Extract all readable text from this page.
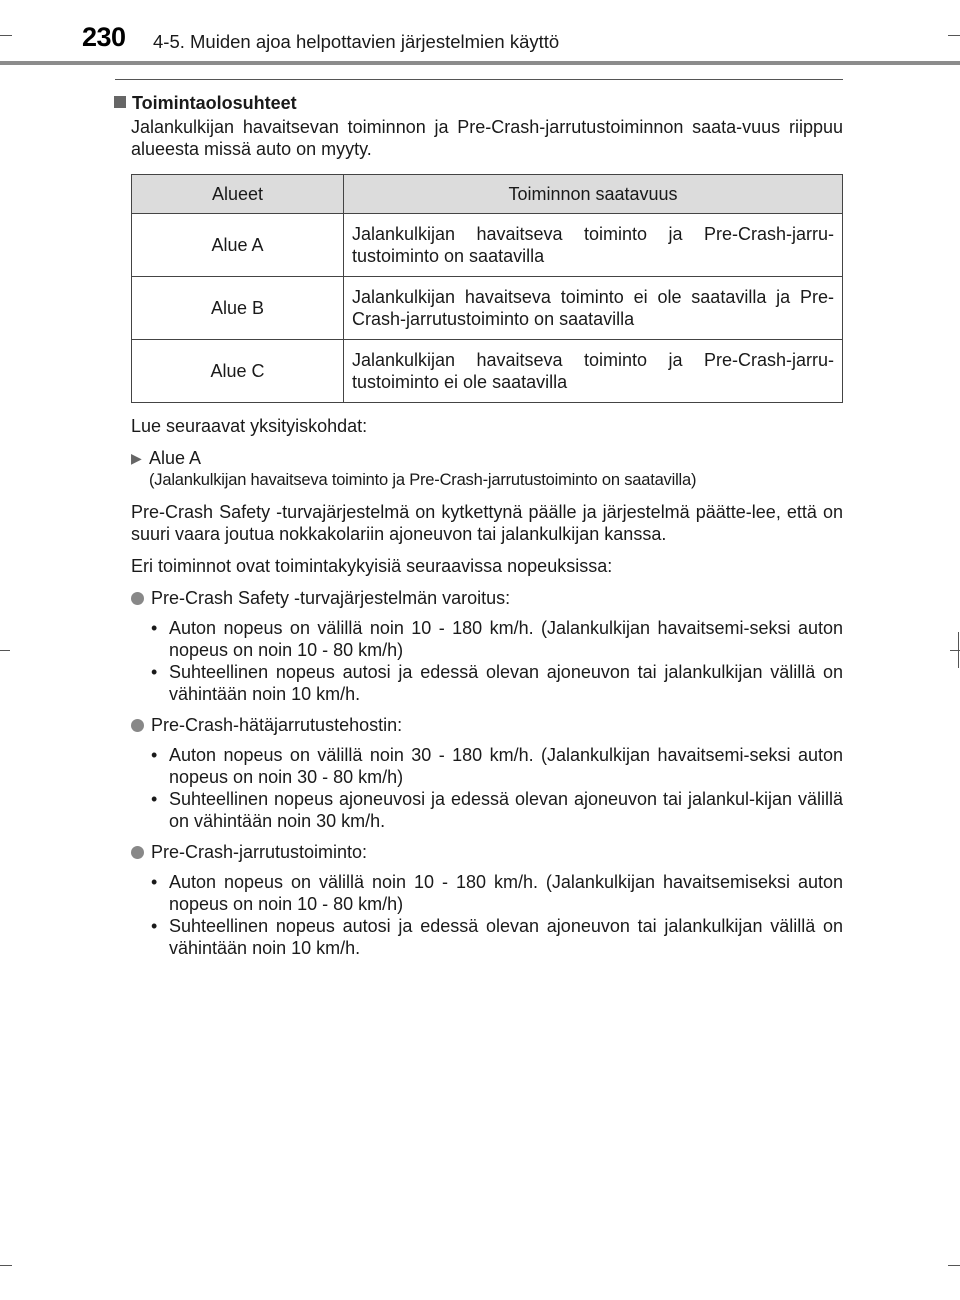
230 4-5. Muiden ajoa helpottavien järjestelmien käyttö
Toimintaolosuhteet

Jalankulkijan havaitsevan toiminnon ja Pre-Crash-jarrutustoiminnon saata-vuus riippuu alueesta missä auto on myyty.

Alueet	Toiminnon saatavuus
Alue A	Jalankulkijan havaitseva toiminto ja Pre-Crash-jarru-tustoiminto on saatavilla
Alue B	Jalankulkijan havaitseva toiminto ei ole saatavilla ja Pre-Crash-jarrutustoiminto on saatavilla
Alue C	Jalankulkijan havaitseva toiminto ja Pre-Crash-jarru-tustoiminto ei ole saatavilla

Lue seuraavat yksityiskohdat:

▶ Alue A
(Jalankulkijan havaitseva toiminto ja Pre-Crash-jarrutustoiminto on saatavilla)

Pre-Crash Safety -turvajärjestelmä on kytkettynä päälle ja järjestelmä päätte-lee, että on suuri vaara joutua nokkakolariin ajoneuvon tai jalankulkijan kanssa.

Eri toiminnot ovat toimintakykyisiä seuraavissa nopeuksissa:

Pre-Crash Safety -turvajärjestelmän varoitus:
• Auton nopeus on välillä noin 10 - 180 km/h. (Jalankulkijan havaitsemi-seksi auton nopeus on noin 10 - 80 km/h)
• Suhteellinen nopeus autosi ja edessä olevan ajoneuvon tai jalankulkijan välillä on vähintään noin 10 km/h.
Pre-Crash-hätäjarrutustehostin:
• Auton nopeus on välillä noin 30 - 180 km/h. (Jalankulkijan havaitsemi-seksi auton nopeus on noin 30 - 80 km/h)
• Suhteellinen nopeus ajoneuvosi ja edessä olevan ajoneuvon tai jalankul-kijan välillä on vähintään noin 30 km/h.
Pre-Crash-jarrutustoiminto:
• Auton nopeus on välillä noin 10 - 180 km/h. (Jalankulkijan havaitsemiseksi auton nopeus on noin 10 - 80 km/h)
• Suhteellinen nopeus autosi ja edessä olevan ajoneuvon tai jalankulkijan välillä on vähintään noin 10 km/h.
